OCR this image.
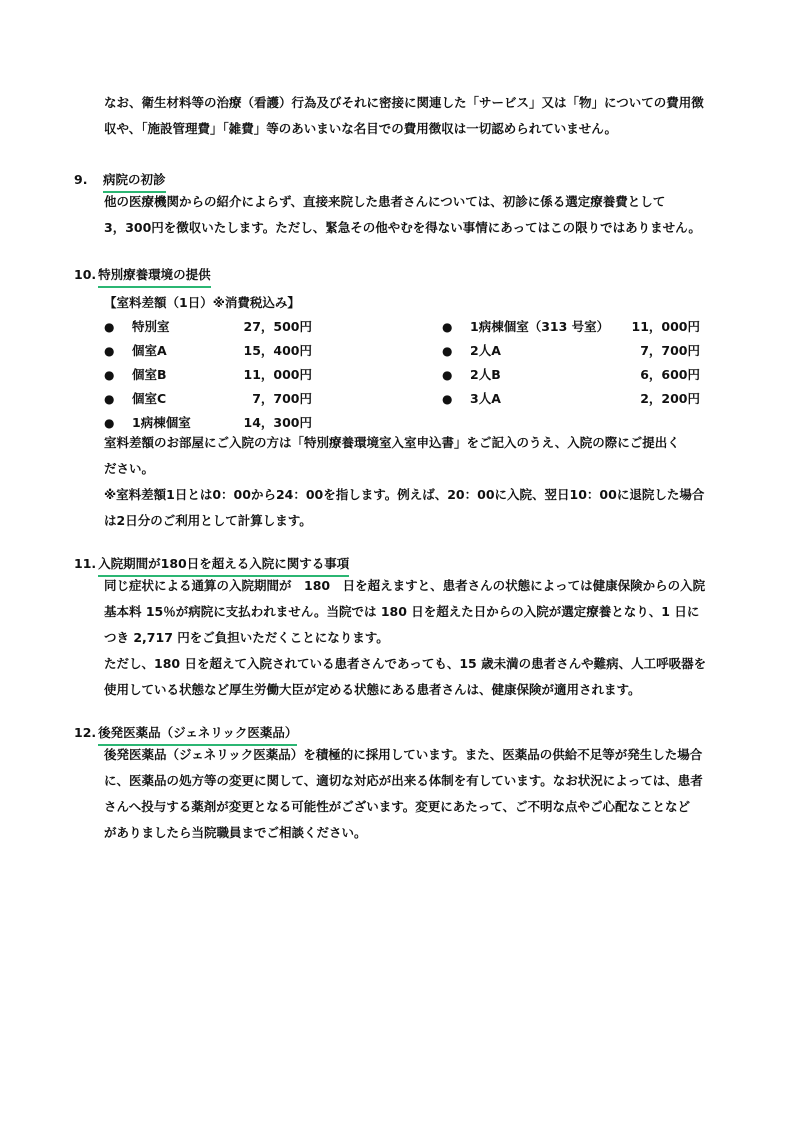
なお、衛生材料等の治療（看護）行為及びそれに密接に関連した「サービス」又は「物」についての費用徴
収や、「施設管理費」「雑費」等のあいまいな名目での費用徴収は一切認められていません。
9. 病院の初診
他の医療機関からの紹介によらず、直接来院した患者さんについては、初診に係る選定療養費として
3，300円を徴収いたします。ただし、緊急その他やむを得ない事情にあってはこの限りではありません。
10. 特別療養環境の提供
【室料差額（1日）※消費税込み】
● 特別室	27，500円
● 個室A	15，400円
● 個室B	11，000円
● 個室C	7，700円
● 1病棟個室	14，300円
● 1病棟個室（313 号室）	11，000円
● 2人A	7，700円
● 2人B	6，600円
● 3人A	2，200円
室料差額のお部屋にご入院の方は「特別療養環境室入室申込書」をご記入のうえ、入院の際にご提出く
ださい。
※室料差額1日とは0：00から24：00を指します。例えば、20：00に入院、翌日10：00に退院した場合
は2日分のご利用として計算します。
11. 入院期間が180日を超える入院に関する事項
同じ症状による通算の入院期間が　180　日を超えますと、患者さんの状態によっては健康保険からの入院
基本料 15％が病院に支払われません。当院では 180 日を超えた日からの入院が選定療養となり、1 日に
つき 2,717 円をご負担いただくことになります。
ただし、180 日を超えて入院されている患者さんであっても、15 歳未満の患者さんや難病、人工呼吸器を
使用している状態など厚生労働大臣が定める状態にある患者さんは、健康保険が適用されます。
12. 後発医薬品（ジェネリック医薬品）
後発医薬品（ジェネリック医薬品）を積極的に採用しています。また、医薬品の供給不足等が発生した場合
に、医薬品の処方等の変更に関して、適切な対応が出来る体制を有しています。なお状況によっては、患者
さんへ投与する薬剤が変更となる可能性がございます。変更にあたって、ご不明な点やご心配なことなど
がありましたら当院職員までご相談ください。
